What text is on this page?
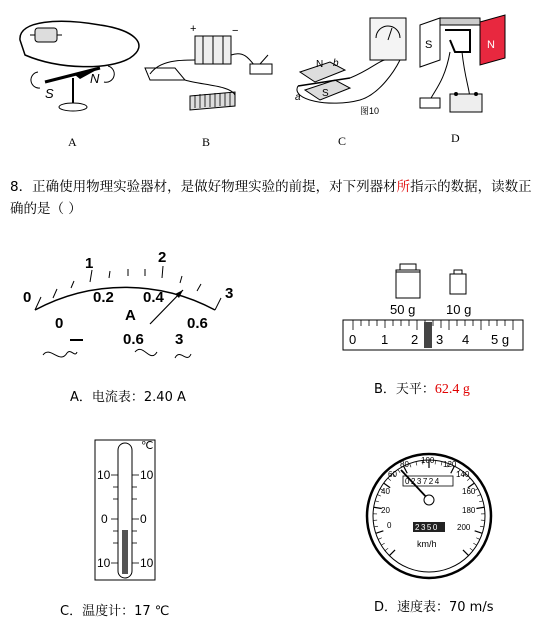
S
N
+	−
N
S
a
b
图10
S	N
A	B	C	D
8．正确使用物理实验器材，是做好物理实验的前提，对下列器材所指示的数据，读数正确的是（ ）
0
1	2
3
0
0.2 0.4
0.6
A
0.6 3
50 g 10 g
0 1 2 3 4 5 g
A．电流表：2.40 A
B．天平：62.4 g
℃
10
0
10
10
0
10
0
20
40
60
80 100 120
140
160
180
200
023724
2350
km/h
C．温度计：17 ℃	D．速度表：70 m/s
